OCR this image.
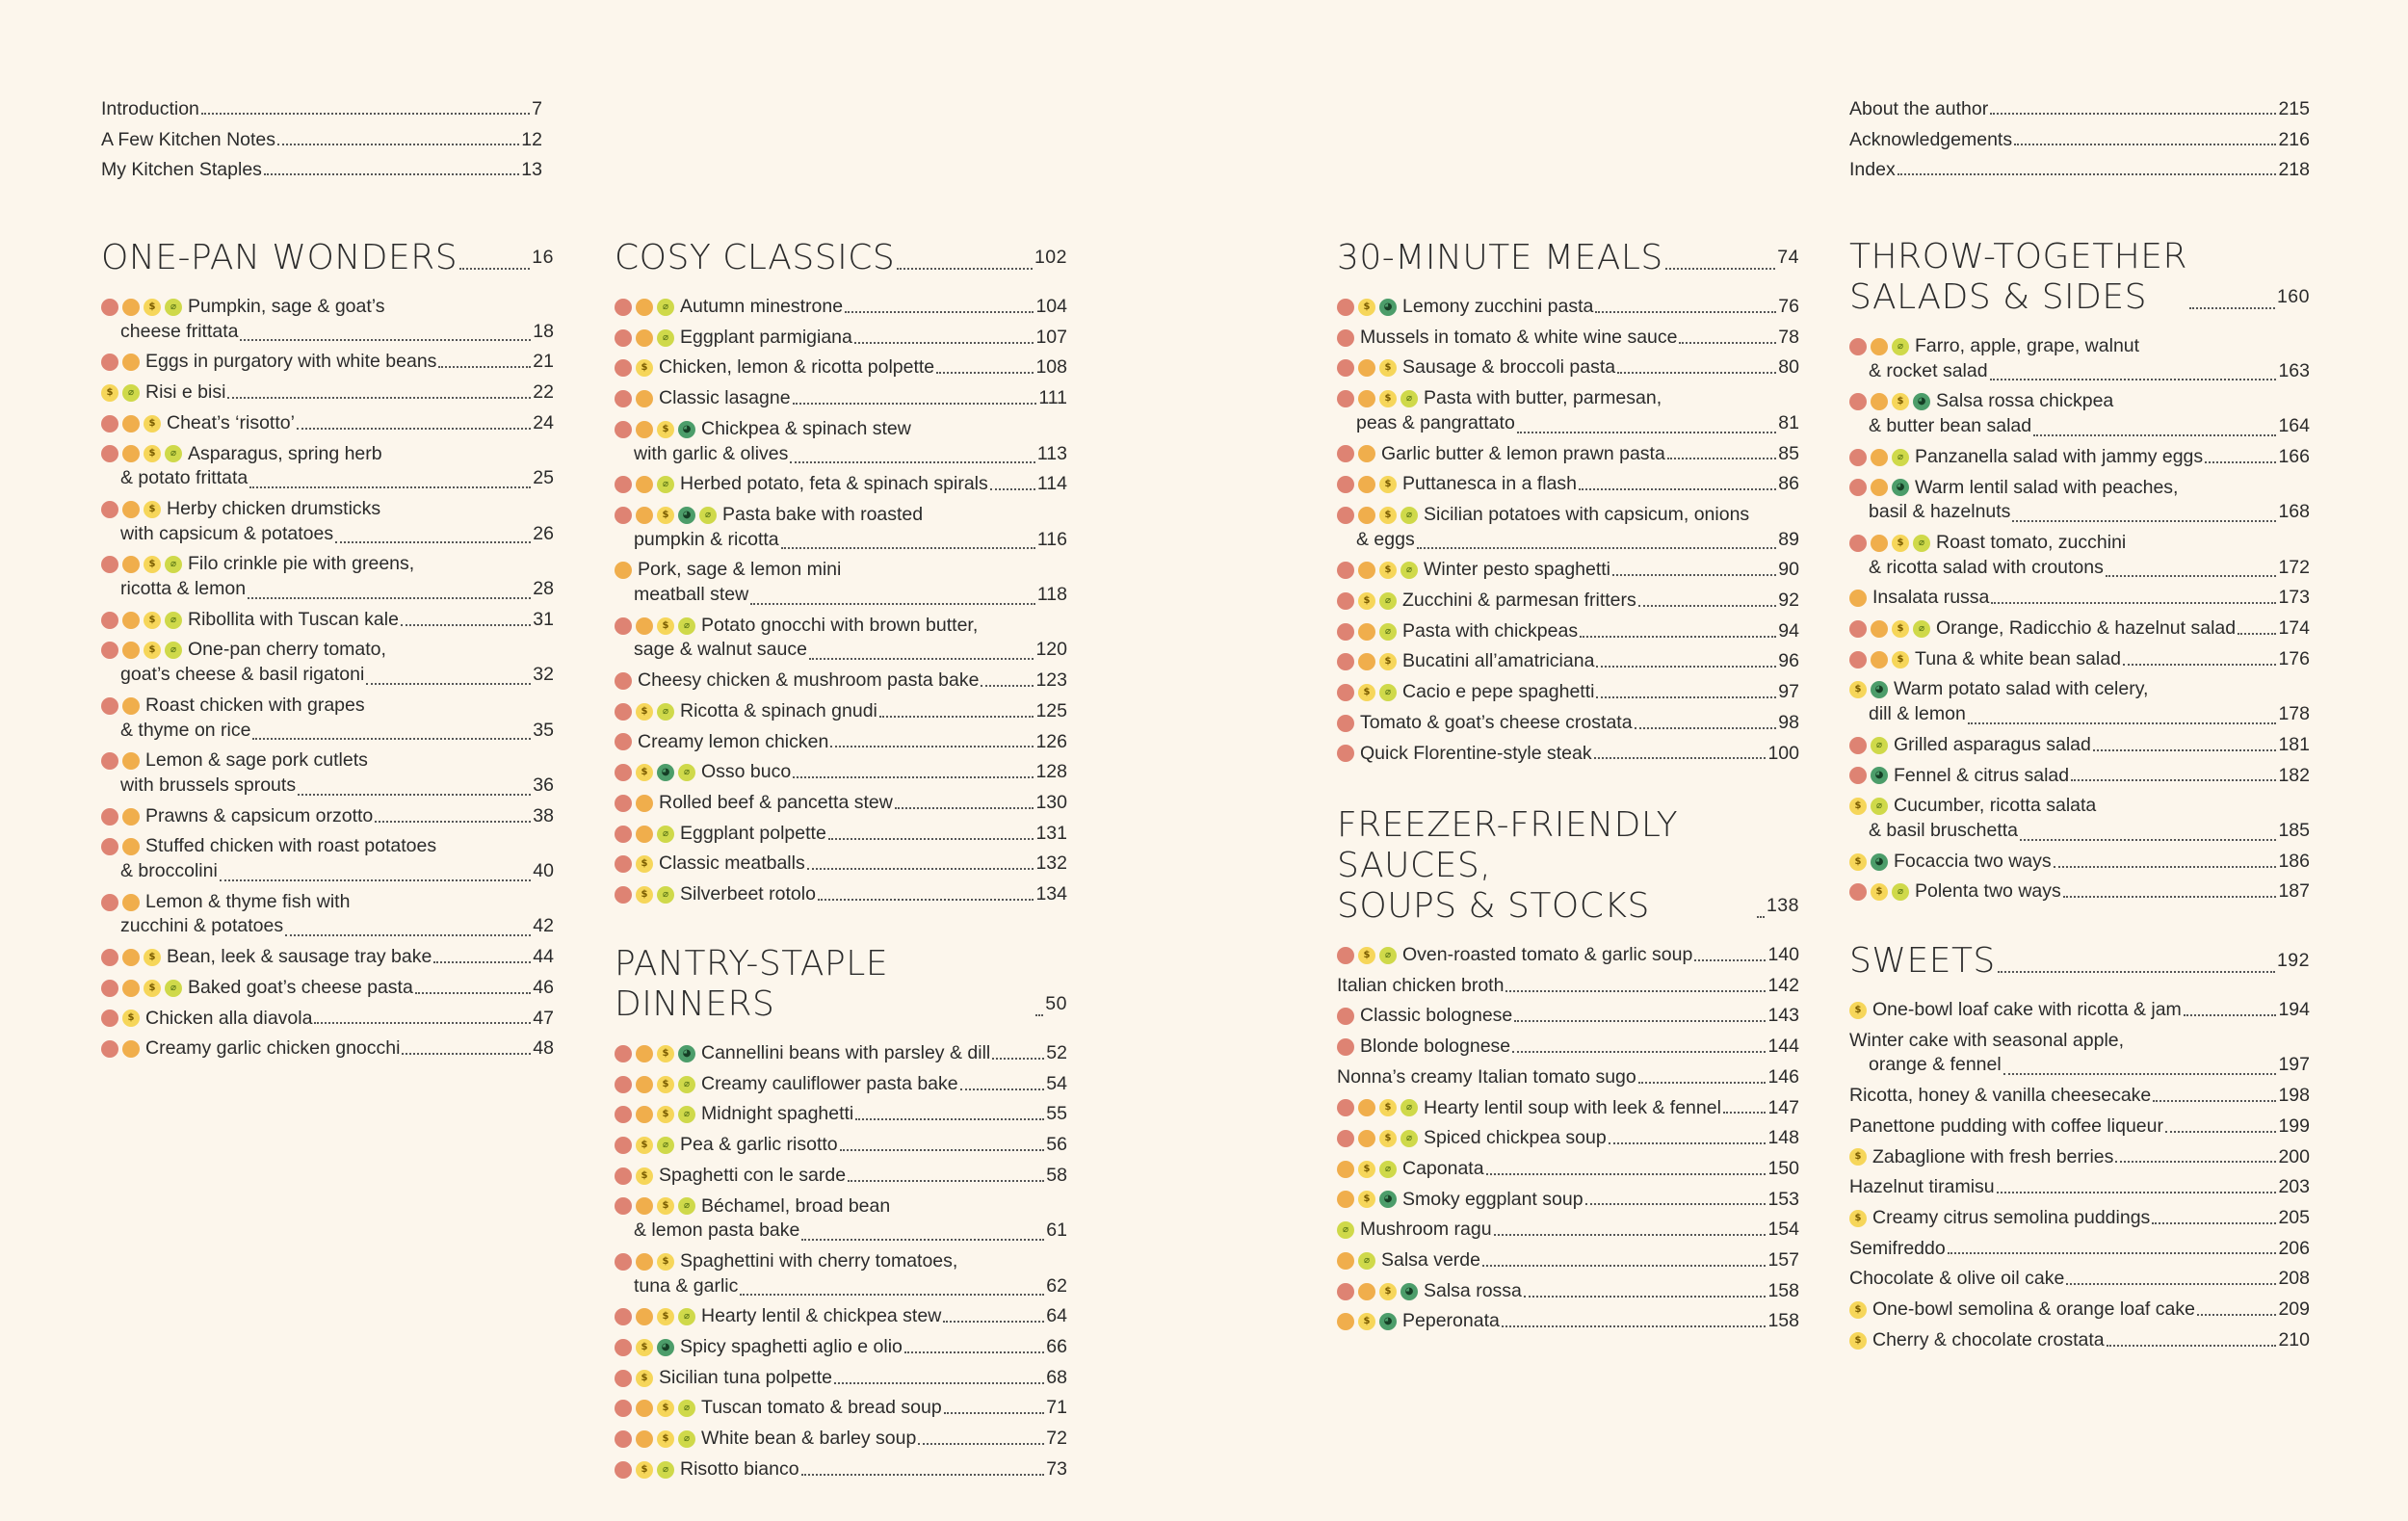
Introduction	7
A Few Kitchen Notes	12
My Kitchen Staples	13
About the author	215
Acknowledgements	216
Index	218
ONE-PAN WONDERS	16
$	⌀ Pumpkin, sage & goat’s
cheese frittata	18
Eggs in purgatory with white beans	21
$	⌀ Risi e bisi	22
$ Cheat’s ‘risotto’	24
$	⌀ Asparagus, spring herb
& potato frittata	25
$ Herby chicken drumsticks
with capsicum & potatoes	26
$	⌀ Filo crinkle pie with greens,
ricotta & lemon	28
$	⌀ Ribollita with Tuscan kale	31
$	⌀ One-pan cherry tomato,
goat’s cheese & basil rigatoni	32
Roast chicken with grapes
& thyme on rice	35
Lemon & sage pork cutlets
with brussels sprouts	36
Prawns & capsicum orzotto	38
Stuffed chicken with roast potatoes
& broccolini	40
Lemon & thyme fish with
zucchini & potatoes	42
$ Bean, leek & sausage tray bake	44
$	⌀ Baked goat’s cheese pasta	46
$ Chicken alla diavola	47
Creamy garlic chicken gnocchi	48
COSY CLASSICS	102
⌀ Autumn minestrone	104
⌀ Eggplant parmigiana	107
$ Chicken, lemon & ricotta polpette	108
Classic lasagne	111
$	◕ Chickpea & spinach stew
with garlic & olives	113
⌀ Herbed potato, feta & spinach spirals	114
$	◕	⌀ Pasta bake with roasted
pumpkin & ricotta	116
Pork, sage & lemon mini
meatball stew	118
$	⌀ Potato gnocchi with brown butter,
sage & walnut sauce	120
Cheesy chicken & mushroom pasta bake	123
$	⌀ Ricotta & spinach gnudi	125
Creamy lemon chicken	126
$	◕	⌀ Osso buco	128
Rolled beef & pancetta stew	130
⌀ Eggplant polpette	131
$ Classic meatballs	132
$	⌀ Silverbeet rotolo	134
PANTRY-STAPLE DINNERS	50
$	◕ Cannellini beans with parsley & dill	52
$	⌀ Creamy cauliflower pasta bake	54
$	⌀ Midnight spaghetti	55
$	⌀ Pea & garlic risotto	56
$ Spaghetti con le sarde	58
$	⌀ Béchamel, broad bean
& lemon pasta bake	61
$ Spaghettini with cherry tomatoes,
tuna & garlic	62
$	⌀ Hearty lentil & chickpea stew	64
$	◕ Spicy spaghetti aglio e olio	66
$ Sicilian tuna polpette	68
$	⌀ Tuscan tomato & bread soup	71
$	⌀ White bean & barley soup	72
$	⌀ Risotto bianco	73
30-MINUTE MEALS	74
$	◕ Lemony zucchini pasta	76
Mussels in tomato & white wine sauce	78
$ Sausage & broccoli pasta	80
$	⌀ Pasta with butter, parmesan,
peas & pangrattato	81
Garlic butter & lemon prawn pasta	85
$ Puttanesca in a flash	86
$	⌀ Sicilian potatoes with capsicum, onions
& eggs	89
$	⌀ Winter pesto spaghetti	90
$	⌀ Zucchini & parmesan fritters	92
⌀ Pasta with chickpeas	94
$ Bucatini all’amatriciana	96
$	⌀ Cacio e pepe spaghetti	97
Tomato & goat’s cheese crostata	98
Quick Florentine-style steak	100
FREEZER-FRIENDLY SAUCES,
SOUPS & STOCKS	138
$	⌀ Oven-roasted tomato & garlic soup	140
Italian chicken broth	142
Classic bolognese	143
Blonde bolognese	144
Nonna’s creamy Italian tomato sugo	146
$	⌀ Hearty lentil soup with leek & fennel 147
$	⌀ Spiced chickpea soup	148
$	⌀ Caponata	150
$	◕ Smoky eggplant soup	153
⌀ Mushroom ragu	154
⌀ Salsa verde	157
$	◕ Salsa rossa	158
$	◕ Peperonata	158
THROW-TOGETHER
SALADS & SIDES	160
⌀ Farro, apple, grape, walnut
& rocket salad	163
$	◕ Salsa rossa chickpea
& butter bean salad	164
⌀ Panzanella salad with jammy eggs	166
◕ Warm lentil salad with peaches,
basil & hazelnuts	168
$	⌀ Roast tomato, zucchini
& ricotta salad with croutons	172
Insalata russa	173
$	⌀ Orange, Radicchio & hazelnut salad 174
$ Tuna & white bean salad	176
$	◕ Warm potato salad with celery,
dill & lemon	178
⌀ Grilled asparagus salad	181
◕ Fennel & citrus salad	182
$	⌀ Cucumber, ricotta salata
& basil bruschetta	185
$	◕ Focaccia two ways	186
$	⌀ Polenta two ways	187
SWEETS	192
$ One-bowl loaf cake with ricotta & jam	194
Winter cake with seasonal apple,
orange & fennel	197
Ricotta, honey & vanilla cheesecake	198
Panettone pudding with coffee liqueur	199
$ Zabaglione with fresh berries	200
Hazelnut tiramisu	203
$ Creamy citrus semolina puddings	205
Semifreddo	206
Chocolate & olive oil cake	208
$ One-bowl semolina & orange loaf cake	209
$ Cherry & chocolate crostata	210
